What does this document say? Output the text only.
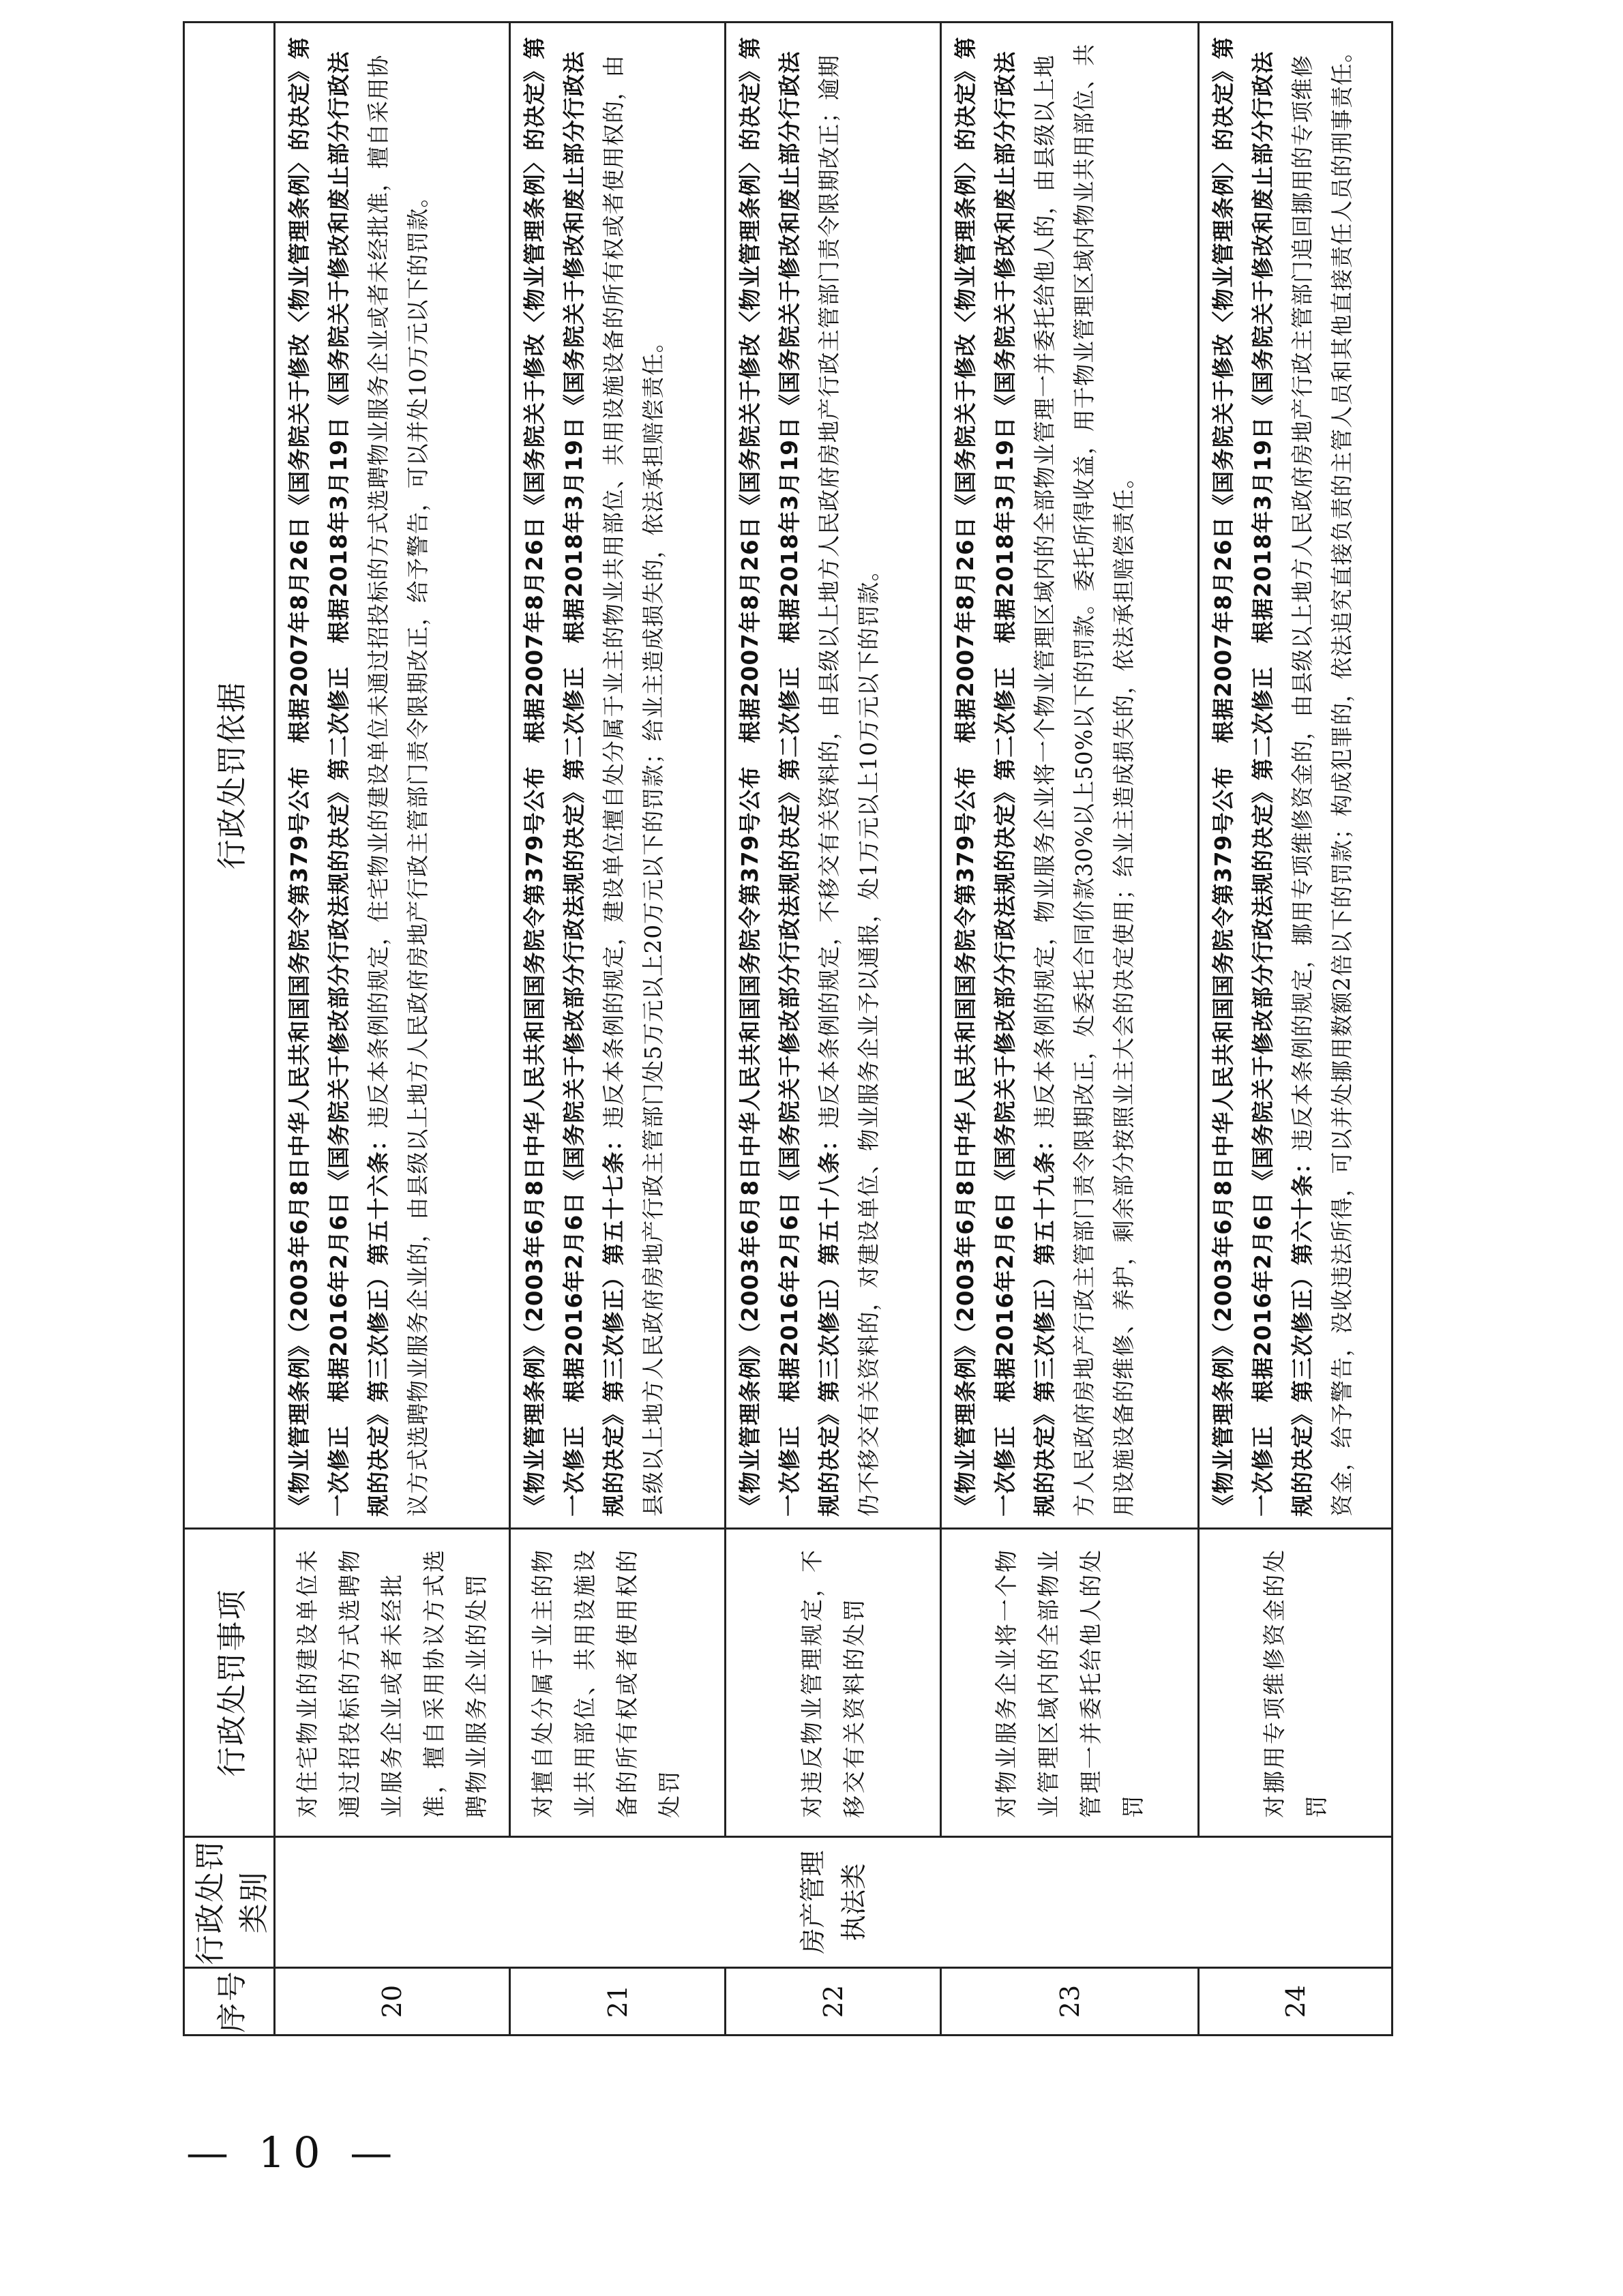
序号	行政处罚类别	行政处罚事项	行政处罚依据
20	房产管理执法类	对住宅物业的建设单位未通过招投标的方式选聘物业服务企业或者未经批准，擅自采用协议方式选聘物业服务企业的处罚	《物业管理条例》（2003年6月8日中华人民共和国国务院令第379号公布　根据2007年8月26日《国务院关于修改〈物业管理条例〉的决定》第一次修正　根据2016年2月6日《国务院关于修改部分行政法规的决定》第二次修正　根据2018年3月19日《国务院关于修改和废止部分行政法规的决定》第三次修正）第五十六条：违反本条例的规定，住宅物业的建设单位未通过招投标的方式选聘物业服务企业或者未经批准，擅自采用协议方式选聘物业服务企业的，由县级以上地方人民政府房地产行政主管部门责令限期改正，给予警告，可以并处10万元以下的罚款。
21		对擅自处分属于业主的物业共用部位、共用设施设备的所有权或者使用权的处罚	《物业管理条例》（2003年6月8日中华人民共和国国务院令第379号公布　根据2007年8月26日《国务院关于修改〈物业管理条例〉的决定》第一次修正　根据2016年2月6日《国务院关于修改部分行政法规的决定》第二次修正　根据2018年3月19日《国务院关于修改和废止部分行政法规的决定》第三次修正）第五十七条：违反本条例的规定，建设单位擅自处分属于业主的物业共用部位、共用设施设备的所有权或者使用权的，由县级以上地方人民政府房地产行政主管部门处5万元以上20万元以下的罚款；给业主造成损失的，依法承担赔偿责任。
22		对违反物业管理规定，不移交有关资料的处罚	《物业管理条例》（2003年6月8日中华人民共和国国务院令第379号公布　根据2007年8月26日《国务院关于修改〈物业管理条例〉的决定》第一次修正　根据2016年2月6日《国务院关于修改部分行政法规的决定》第二次修正　根据2018年3月19日《国务院关于修改和废止部分行政法规的决定》第三次修正）第五十八条：违反本条例的规定，不移交有关资料的，由县级以上地方人民政府房地产行政主管部门责令限期改正；逾期仍不移交有关资料的，对建设单位、物业服务企业予以通报，处1万元以上10万元以下的罚款。
23		对物业服务企业将一个物业管理区域内的全部物业管理一并委托给他人的处罚	《物业管理条例》（2003年6月8日中华人民共和国国务院令第379号公布　根据2007年8月26日《国务院关于修改〈物业管理条例〉的决定》第一次修正　根据2016年2月6日《国务院关于修改部分行政法规的决定》第二次修正　根据2018年3月19日《国务院关于修改和废止部分行政法规的决定》第三次修正）第五十九条：违反本条例的规定，物业服务企业将一个物业管理区域内的全部物业管理一并委托给他人的，由县级以上地方人民政府房地产行政主管部门责令限期改正，处委托合同价款30%以上50%以下的罚款。委托所得收益，用于物业管理区域内物业共用部位、共用设施设备的维修、养护，剩余部分按照业主大会的决定使用；给业主造成损失的，依法承担赔偿责任。
24		对挪用专项维修资金的处罚	《物业管理条例》（2003年6月8日中华人民共和国国务院令第379号公布　根据2007年8月26日《国务院关于修改〈物业管理条例〉的决定》第一次修正　根据2016年2月6日《国务院关于修改部分行政法规的决定》第二次修正　根据2018年3月19日《国务院关于修改和废止部分行政法规的决定》第三次修正）第六十条：违反本条例的规定，挪用专项维修资金的，由县级以上地方人民政府房地产行政主管部门追回挪用的专项维修资金，给予警告，没收违法所得，可以并处挪用数额2倍以下的罚款；构成犯罪的，依法追究直接负责的主管人员和其他直接责任人员的刑事责任。
— 10 —
